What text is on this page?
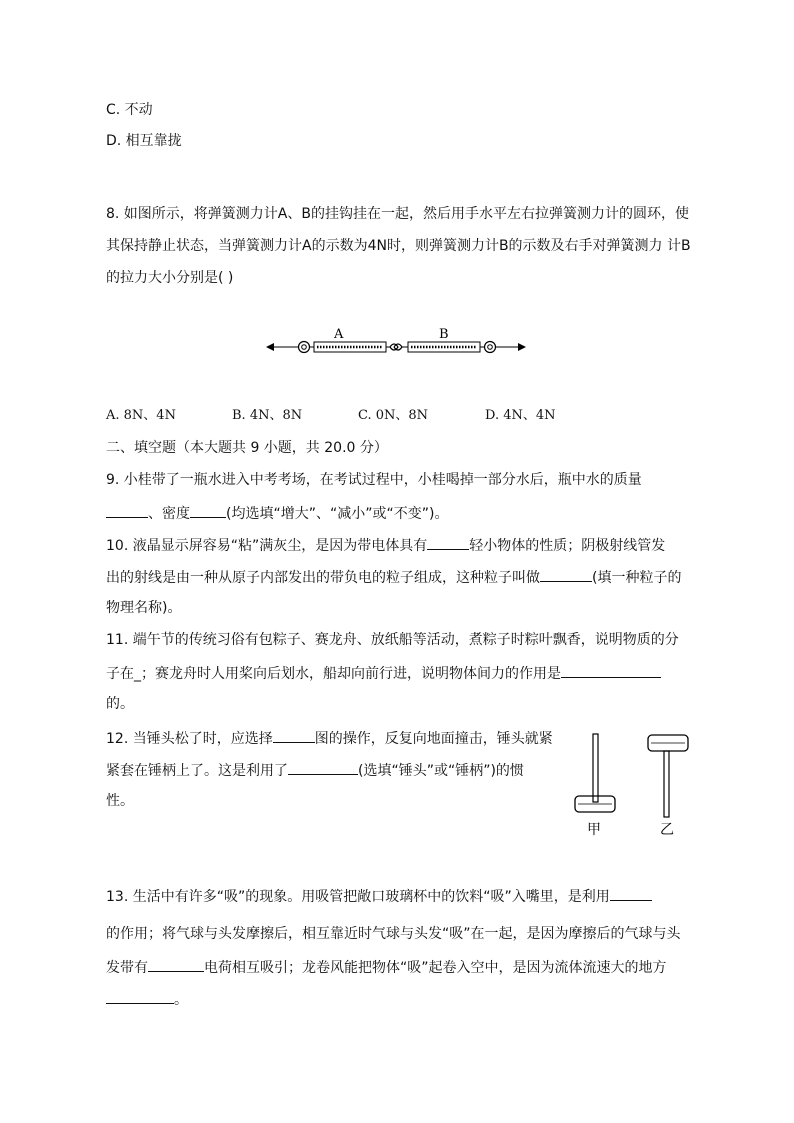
C. 不动
D. 相互靠拢
8. 如图所示，将弹簧测力计A、B的挂钩挂在一起，然后用手水平左右拉弹簧测力计的圆环，使
其保持静止状态，当弹簧测力计A的示数为4N时，则弹簧测力计B的示数及右手对弹簧测力 计B
的拉力大小分别是( )
A	B
A. 8N、4N	B. 4N、8N	C. 0N、8N	D. 4N、4N
二、填空题（本大题共 9 小题，共 20.0 分）
9. 小桂带了一瓶水进入中考考场，在考试过程中，小桂喝掉一部分水后，瓶中水的质量
、密度	(均选填“增大”、“减小”或“不变”)。
10. 液晶显示屏容易“粘”满灰尘，是因为带电体具有	轻小物体的性质；阴极射线管发
出的射线是由一种从原子内部发出的带负电的粒子组成，这种粒子叫做	(填一种粒子的
物理名称)。
11. 端午节的传统习俗有包粽子、赛龙舟、放纸船等活动，煮粽子时粽叶飘香，说明物质的分
子在_；赛龙舟时人用桨向后划水，船却向前行进，说明物体间力的作用是
的。
12. 当锤头松了时，应选择	图的操作，反复向地面撞击，锤头就紧
紧套在锤柄上了。这是利用了	(选填“锤头”或“锤柄”)的惯
性。
甲	乙
13. 生活中有许多“吸”的现象。用吸管把敞口玻璃杯中的饮料“吸”入嘴里，是利用
的作用；将气球与头发摩擦后，相互靠近时气球与头发“吸”在一起，是因为摩擦后的气球与头
发带有	电荷相互吸引；龙卷风能把物体“吸”起卷入空中，是因为流体流速大的地方
。
